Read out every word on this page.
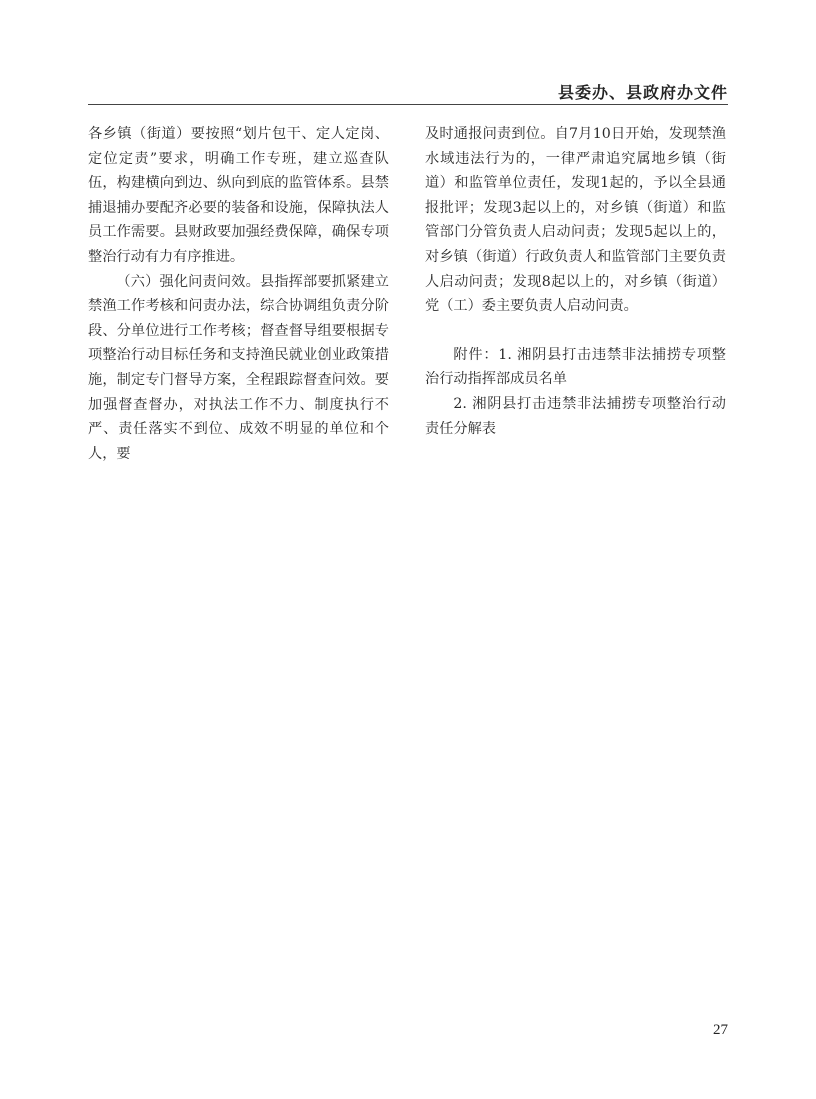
县委办、县政府办文件

各乡镇（街道）要按照“划片包干、定人定岗、定位定责”要求，明确工作专班，建立巡查队伍，构建横向到边、纵向到底的监管体系。县禁捕退捕办要配齐必要的装备和设施，保障执法人员工作需要。县财政要加强经费保障，确保专项整治行动有力有序推进。

（六）强化问责问效。县指挥部要抓紧建立禁渔工作考核和问责办法，综合协调组负责分阶段、分单位进行工作考核；督查督导组要根据专项整治行动目标任务和支持渔民就业创业政策措施，制定专门督导方案，全程跟踪督查问效。要加强督查督办，对执法工作不力、制度执行不严、责任落实不到位、成效不明显的单位和个人，要

及时通报问责到位。自7月10日开始，发现禁渔水域违法行为的，一律严肃追究属地乡镇（街道）和监管单位责任，发现1起的，予以全县通报批评；发现3起以上的，对乡镇（街道）和监管部门分管负责人启动问责；发现5起以上的，对乡镇（街道）行政负责人和监管部门主要负责人启动问责；发现8起以上的，对乡镇（街道）党（工）委主要负责人启动问责。

附件：1. 湘阴县打击违禁非法捕捞专项整治行动指挥部成员名单

2. 湘阴县打击违禁非法捕捞专项整治行动责任分解表

27
